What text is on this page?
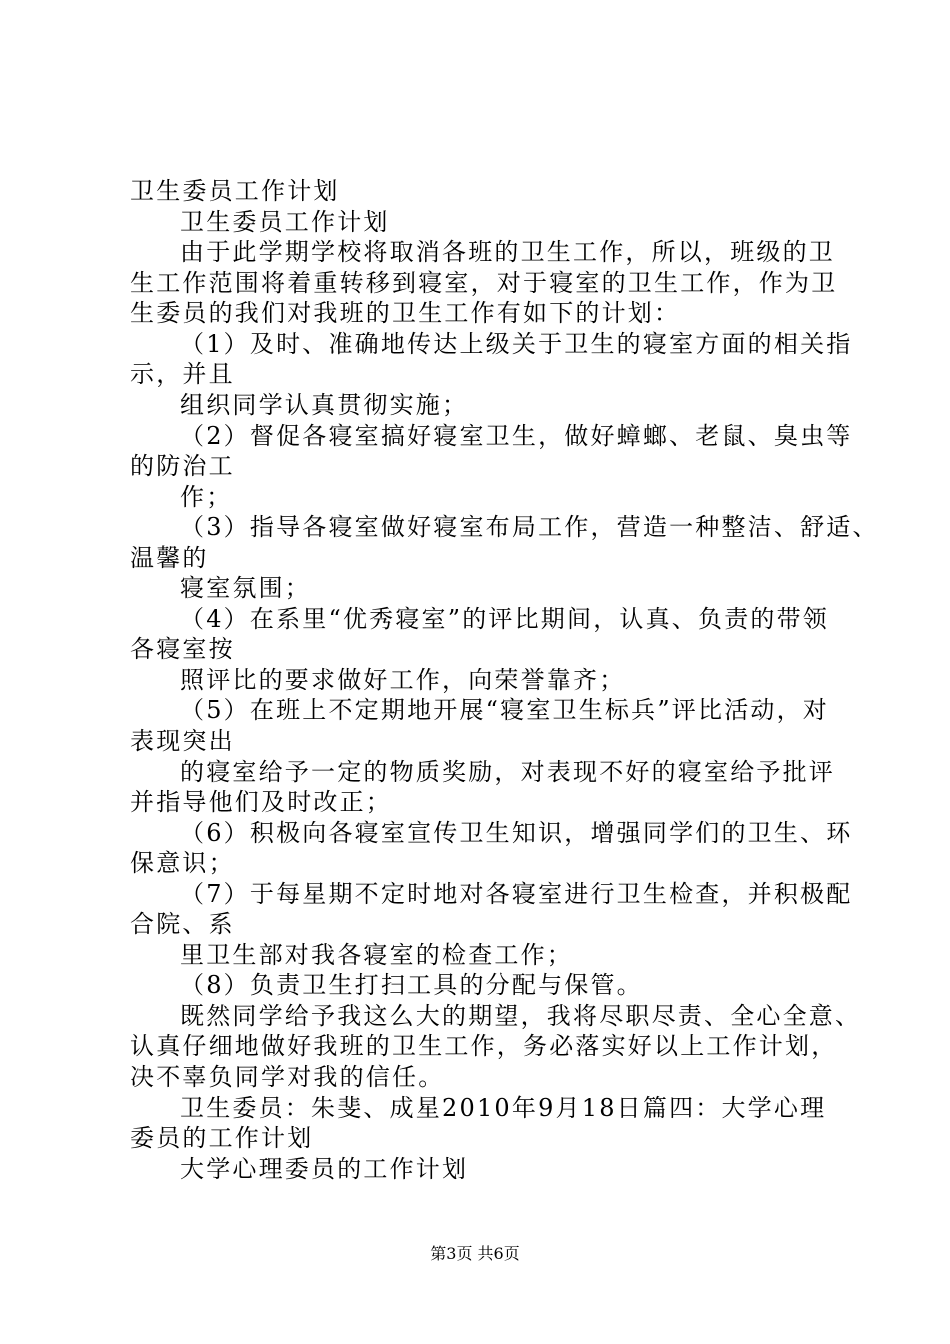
卫生委员工作计划
卫生委员工作计划
由于此学期学校将取消各班的卫生工作，所以，班级的卫
生工作范围将着重转移到寝室，对于寝室的卫生工作，作为卫
生委员的我们对我班的卫生工作有如下的计划：
（1）及时、准确地传达上级关于卫生的寝室方面的相关指
示，并且
组织同学认真贯彻实施；
（2）督促各寝室搞好寝室卫生，做好蟑螂、老鼠、臭虫等
的防治工
作；
（3）指导各寝室做好寝室布局工作，营造一种整洁、舒适、
温馨的
寝室氛围；
（4）在系里“优秀寝室”的评比期间，认真、负责的带领
各寝室按
照评比的要求做好工作，向荣誉靠齐；
（5）在班上不定期地开展“寝室卫生标兵”评比活动，对
表现突出
的寝室给予一定的物质奖励，对表现不好的寝室给予批评
并指导他们及时改正；
（6）积极向各寝室宣传卫生知识，增强同学们的卫生、环
保意识；
（7）于每星期不定时地对各寝室进行卫生检查，并积极配
合院、系
里卫生部对我各寝室的检查工作；
（8）负责卫生打扫工具的分配与保管。
既然同学给予我这么大的期望，我将尽职尽责、全心全意、
认真仔细地做好我班的卫生工作，务必落实好以上工作计划，
决不辜负同学对我的信任。
卫生委员：朱斐、成星2010年9月18日篇四：大学心理
委员的工作计划
大学心理委员的工作计划
第3页 共6页
